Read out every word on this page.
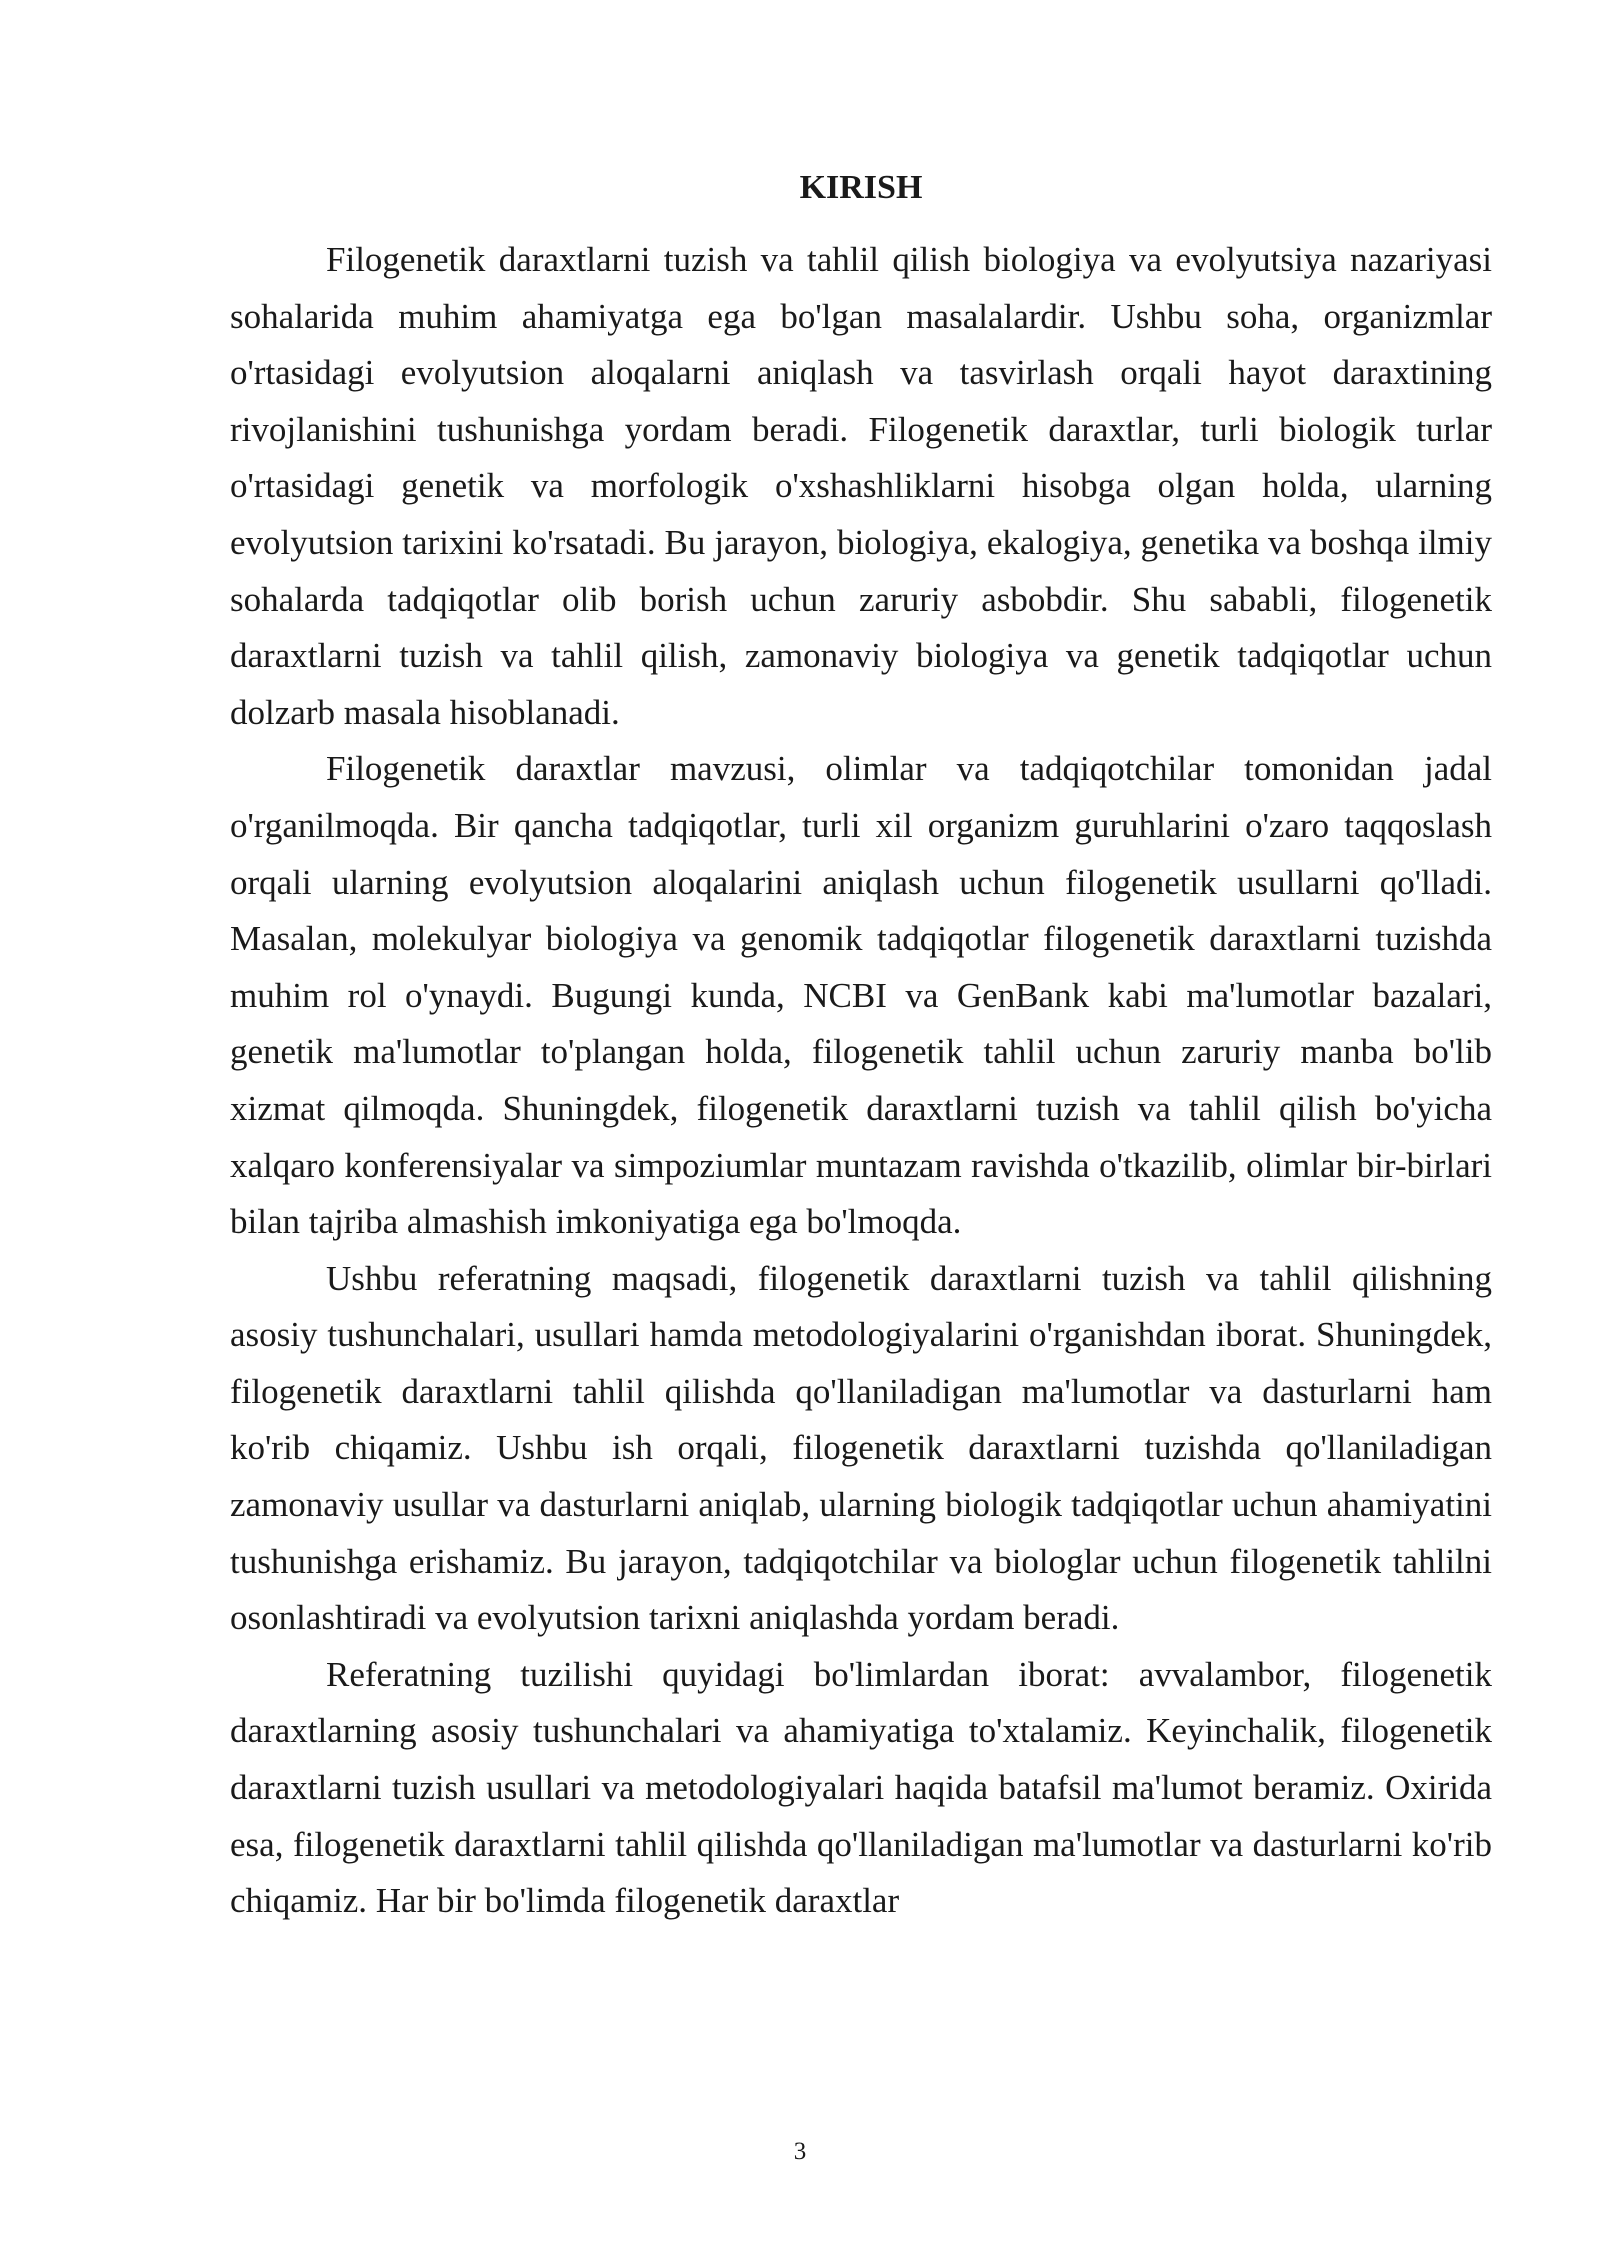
KIRISH

Filogenetik daraxtlarni tuzish va tahlil qilish biologiya va evolyutsiya nazariyasi sohalarida muhim ahamiyatga ega bo'lgan masalalardir. Ushbu soha, organizmlar o'rtasidagi evolyutsion aloqalarni aniqlash va tasvirlash orqali hayot daraxtining rivojlanishini tushunishga yordam beradi. Filogenetik daraxtlar, turli biologik turlar o'rtasidagi genetik va morfologik o'xshashliklarni hisobga olgan holda, ularning evolyutsion tarixini ko'rsatadi. Bu jarayon, biologiya, ekalogiya, genetika va boshqa ilmiy sohalarda tadqiqotlar olib borish uchun zaruriy asbobdir. Shu sababli, filogenetik daraxtlarni tuzish va tahlil qilish, zamonaviy biologiya va genetik tadqiqotlar uchun dolzarb masala hisoblanadi.

Filogenetik daraxtlar mavzusi, olimlar va tadqiqotchilar tomonidan jadal o'rganilmoqda. Bir qancha tadqiqotlar, turli xil organizm guruhlarini o'zaro taqqoslash orqali ularning evolyutsion aloqalarini aniqlash uchun filogenetik usullarni qo'lladi. Masalan, molekulyar biologiya va genomik tadqiqotlar filogenetik daraxtlarni tuzishda muhim rol o'ynaydi. Bugungi kunda, NCBI va GenBank kabi ma'lumotlar bazalari, genetik ma'lumotlar to'plangan holda, filogenetik tahlil uchun zaruriy manba bo'lib xizmat qilmoqda. Shuningdek, filogenetik daraxtlarni tuzish va tahlil qilish bo'yicha xalqaro konferensiyalar va simpoziumlar muntazam ravishda o'tkazilib, olimlar bir-birlari bilan tajriba almashish imkoniyatiga ega bo'lmoqda.

Ushbu referatning maqsadi, filogenetik daraxtlarni tuzish va tahlil qilishning asosiy tushunchalari, usullari hamda metodologiyalarini o'rganishdan iborat. Shuningdek, filogenetik daraxtlarni tahlil qilishda qo'llaniladigan ma'lumotlar va dasturlarni ham ko'rib chiqamiz. Ushbu ish orqali, filogenetik daraxtlarni tuzishda qo'llaniladigan zamonaviy usullar va dasturlarni aniqlab, ularning biologik tadqiqotlar uchun ahamiyatini tushunishga erishamiz. Bu jarayon, tadqiqotchilar va biologlar uchun filogenetik tahlilni osonlashtiradi va evolyutsion tarixni aniqlashda yordam beradi.

Referatning tuzilishi quyidagi bo'limlardan iborat: avvalambor, filogenetik daraxtlarning asosiy tushunchalari va ahamiyatiga to'xtalamiz. Keyinchalik, filogenetik daraxtlarni tuzish usullari va metodologiyalari haqida batafsil ma'lumot beramiz. Oxirida esa, filogenetik daraxtlarni tahlil qilishda qo'llaniladigan ma'lumotlar va dasturlarni ko'rib chiqamiz. Har bir bo'limda filogenetik daraxtlar

3
